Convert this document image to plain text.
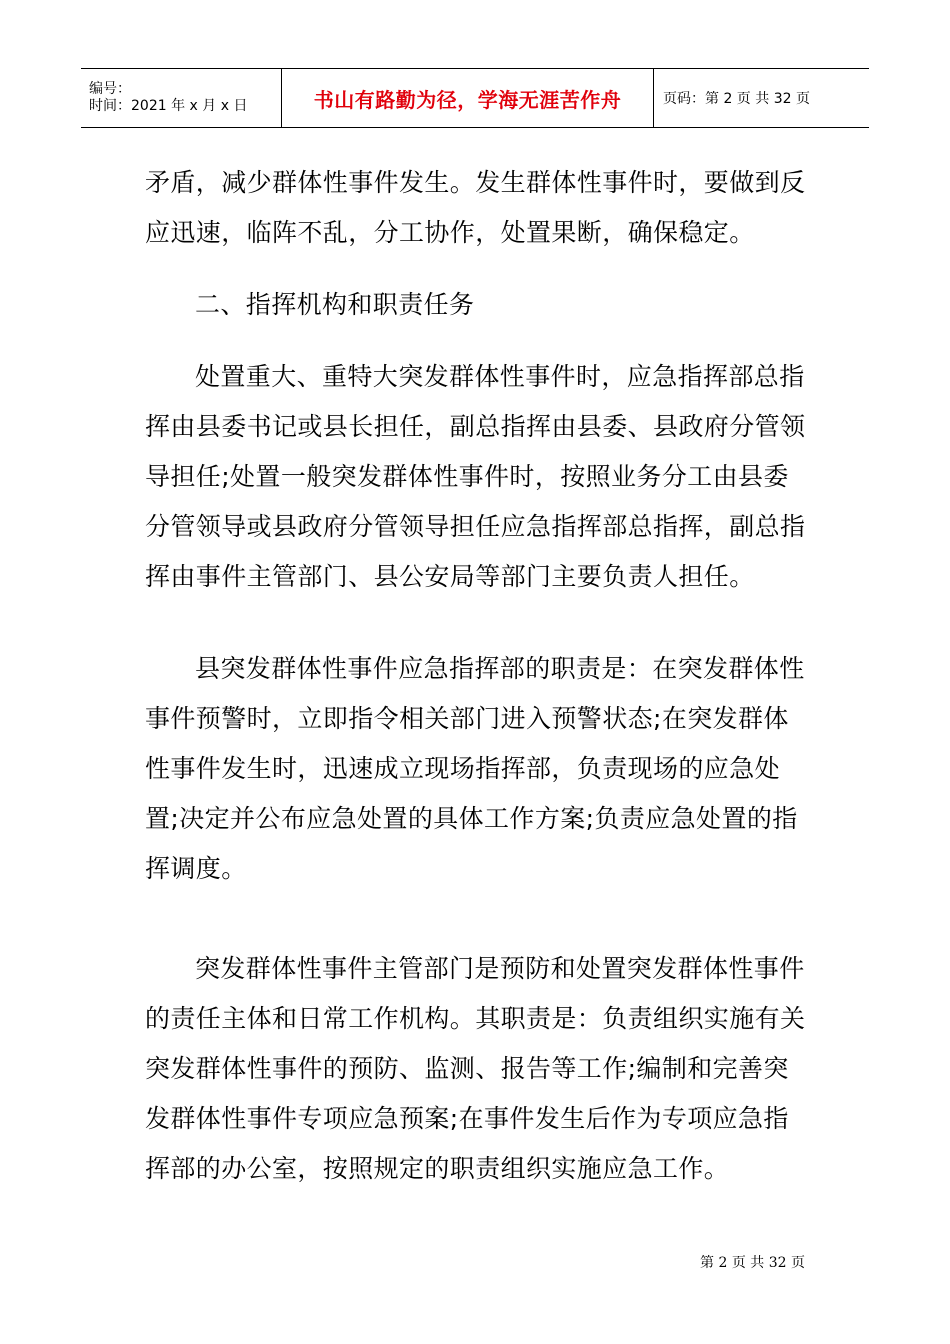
编号：
时间：2021 年 x 月 x 日	书山有路勤为径，学海无涯苦作舟	页码：第 2 页 共 32 页

矛盾，减少群体性事件发生。发生群体性事件时，要做到反应迅速，临阵不乱，分工协作，处置果断，确保稳定。

二、指挥机构和职责任务

处置重大、重特大突发群体性事件时，应急指挥部总指挥由县委书记或县长担任，副总指挥由县委、县政府分管领导担任;处置一般突发群体性事件时，按照业务分工由县委分管领导或县政府分管领导担任应急指挥部总指挥，副总指挥由事件主管部门、县公安局等部门主要负责人担任。

县突发群体性事件应急指挥部的职责是：在突发群体性事件预警时，立即指令相关部门进入预警状态;在突发群体性事件发生时，迅速成立现场指挥部，负责现场的应急处置;决定并公布应急处置的具体工作方案;负责应急处置的指挥调度。

突发群体性事件主管部门是预防和处置突发群体性事件的责任主体和日常工作机构。其职责是：负责组织实施有关突发群体性事件的预防、监测、报告等工作;编制和完善突发群体性事件专项应急预案;在事件发生后作为专项应急指挥部的办公室，按照规定的职责组织实施应急工作。

第 2 页 共 32 页
